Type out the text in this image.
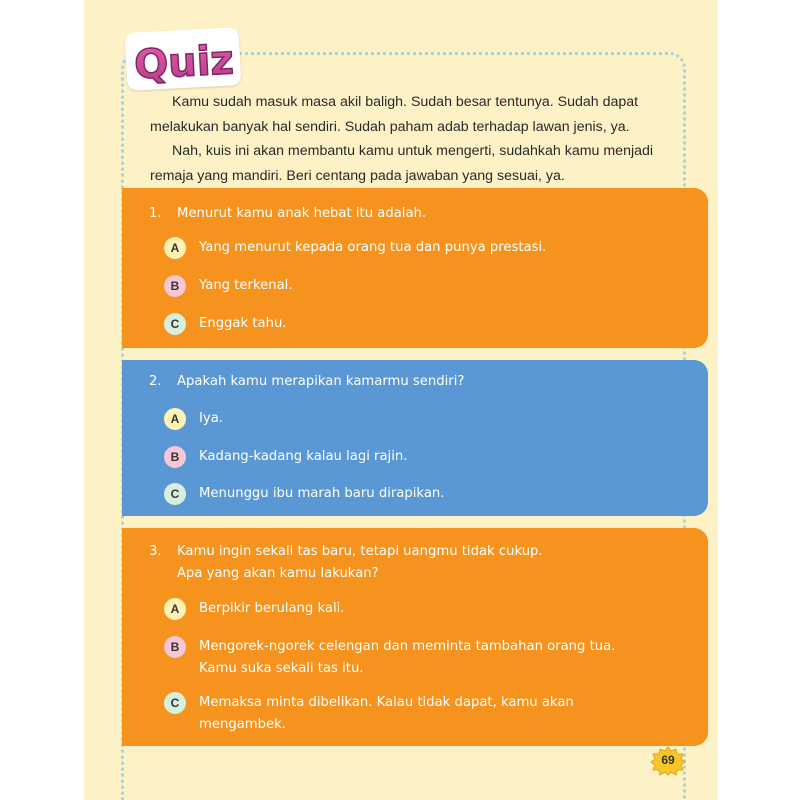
Quiz
Kamu sudah masuk masa akil baligh. Sudah besar tentunya. Sudah dapat
melakukan banyak hal sendiri. Sudah paham adab terhadap lawan jenis, ya.
Nah, kuis ini akan membantu kamu untuk mengerti, sudahkah kamu menjadi
remaja yang mandiri. Beri centang pada jawaban yang sesuai, ya.
1. Menurut kamu anak hebat itu adalah.
A	Yang menurut kepada orang tua dan punya prestasi.
B	Yang terkenal.
C	Enggak tahu.
2. Apakah kamu merapikan kamarmu sendiri?
A	Iya.
B	Kadang-kadang kalau lagi rajin.
C	Menunggu ibu marah baru dirapikan.
3. Kamu ingin sekali tas baru, tetapi uangmu tidak cukup.
Apa yang akan kamu lakukan?
A	Berpikir berulang kali.
B	Mengorek-ngorek celengan dan meminta tambahan orang tua.
Kamu suka sekali tas itu.
C	Memaksa minta dibelikan. Kalau tidak dapat, kamu akan
mengambek.
69
